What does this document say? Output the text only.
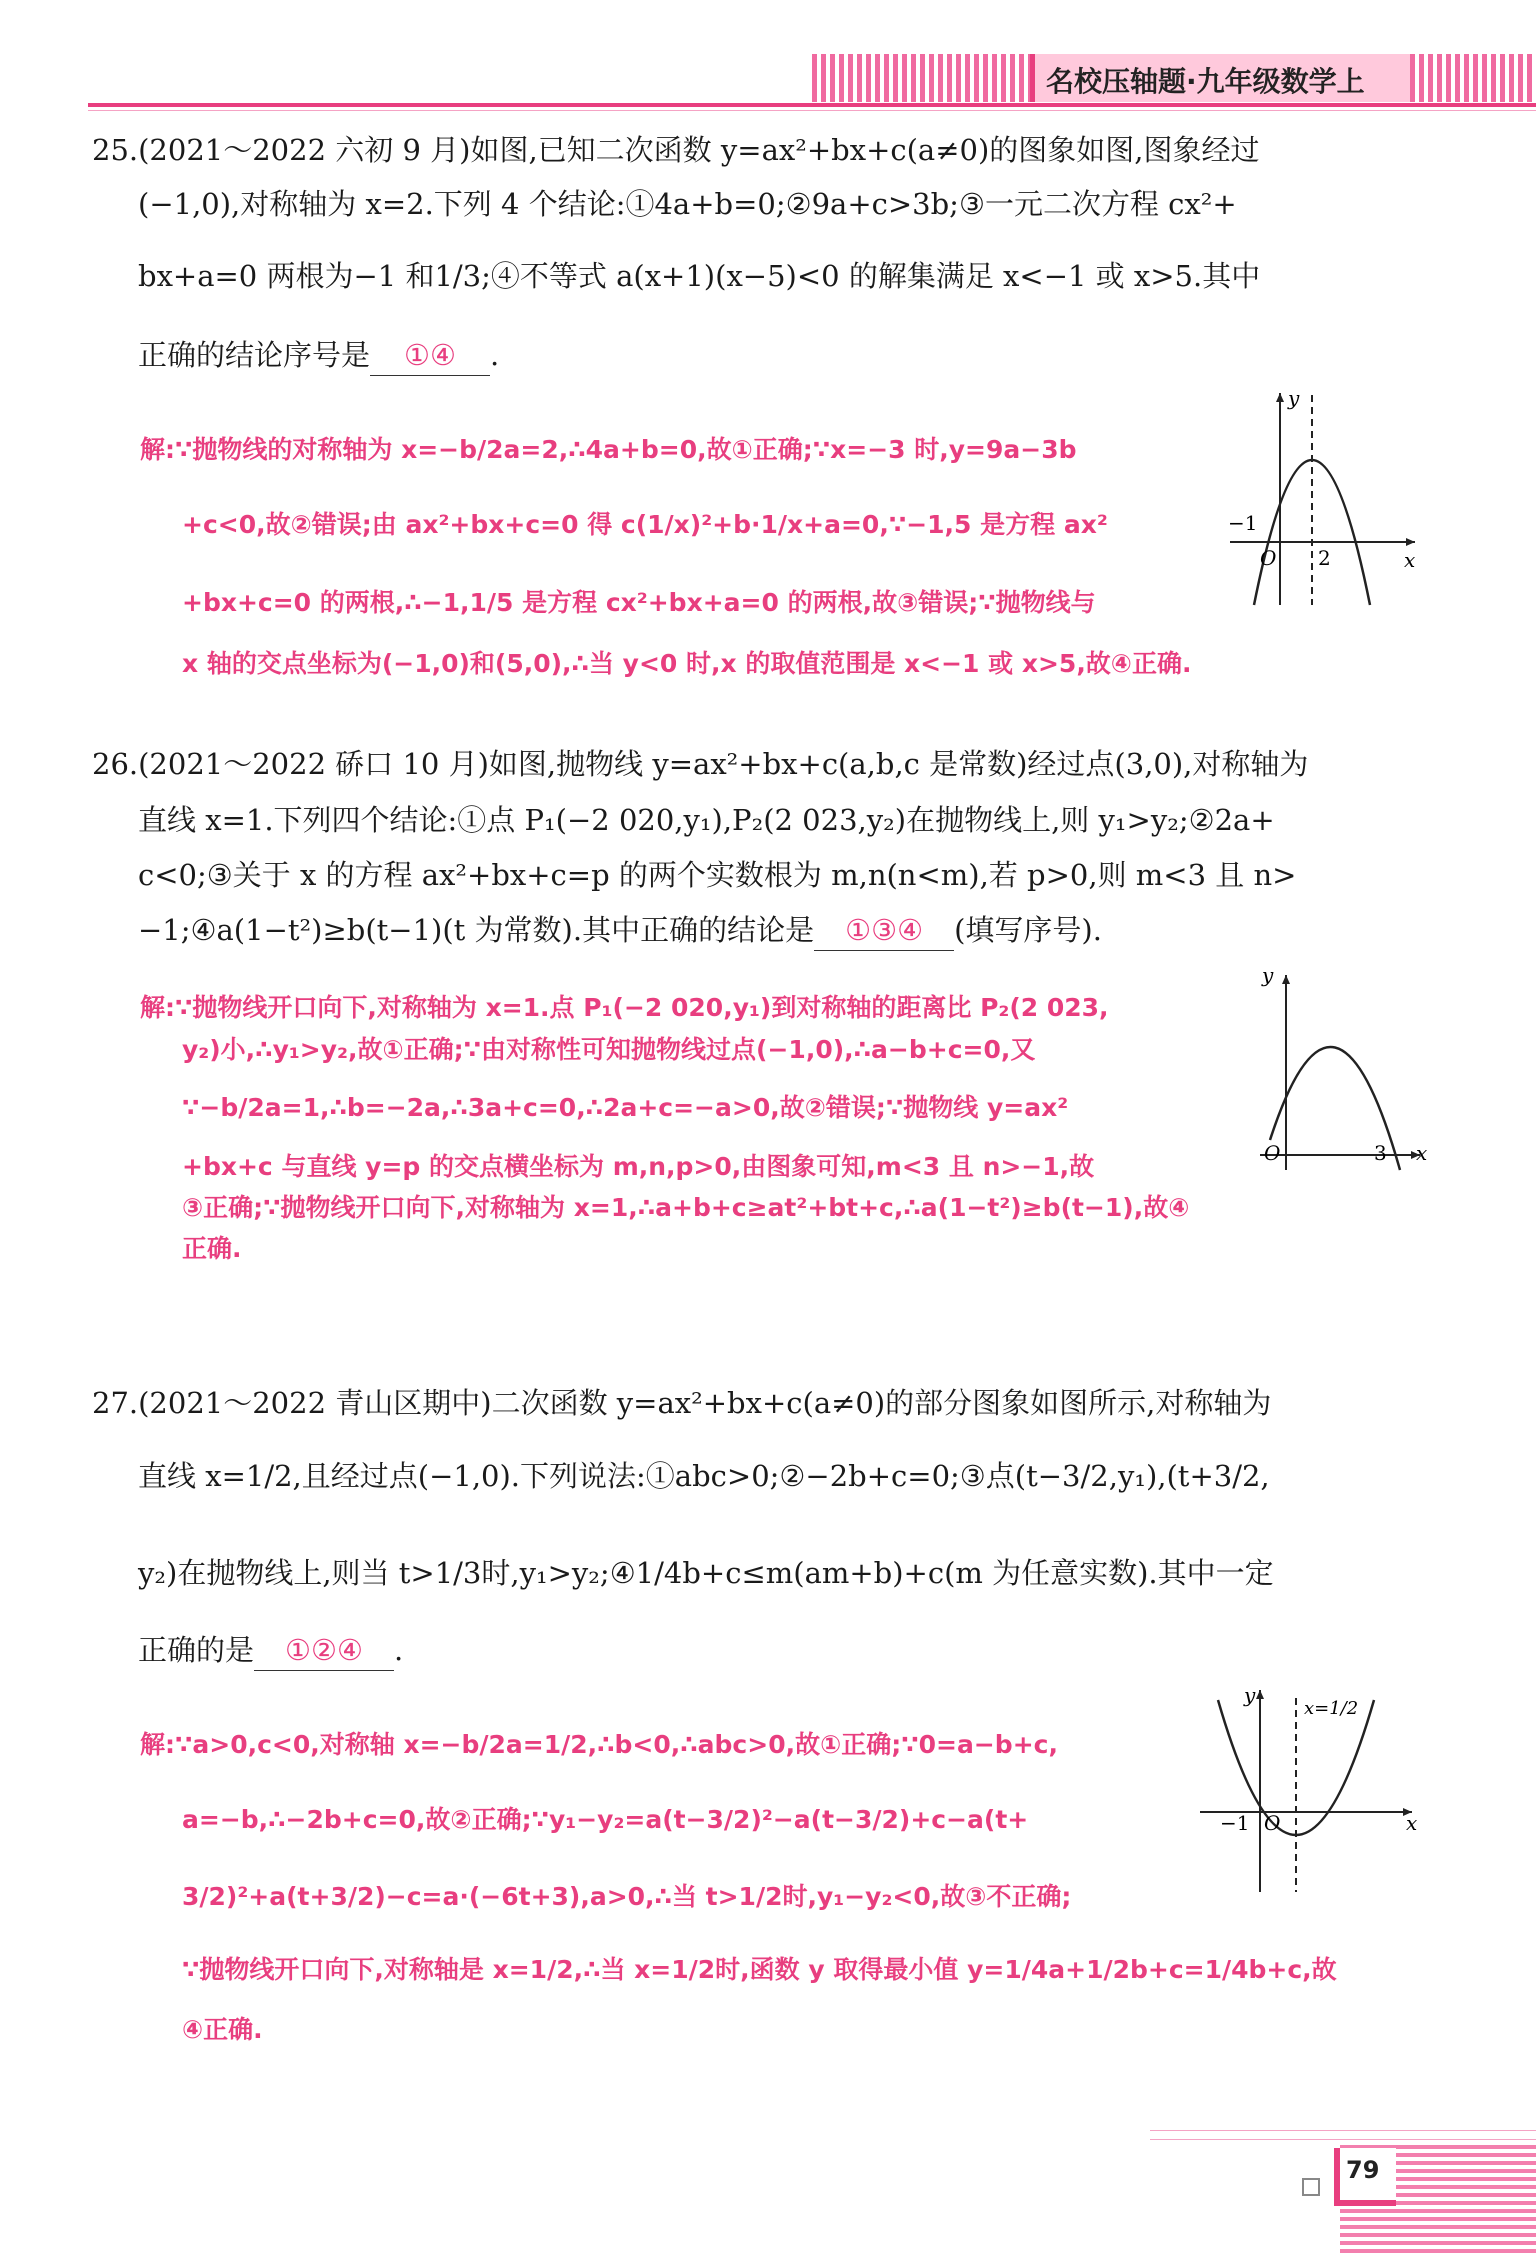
名校压轴题·九年级数学上
25.(2021～2022 六初 9 月)如图,已知二次函数 y=ax²+bx+c(a≠0)的图象如图,图象经过
(−1,0),对称轴为 x=2.下列 4 个结论:①4a+b=0;②9a+c>3b;③一元二次方程 cx²+
bx+a=0 两根为−1 和1/3;④不等式 a(x+1)(x−5)<0 的解集满足 x<−1 或 x>5.其中
正确的结论序号是 ①④ .
解:∵抛物线的对称轴为 x=−b/2a=2,∴4a+b=0,故①正确;∵x=−3 时,y=9a−3b
+c<0,故②错误;由 ax²+bx+c=0 得 c(1/x)²+b·1/x+a=0,∵−1,5 是方程 ax²
+bx+c=0 的两根,∴−1,1/5 是方程 cx²+bx+a=0 的两根,故③错误;∵抛物线与
x 轴的交点坐标为(−1,0)和(5,0),∴当 y<0 时,x 的取值范围是 x<−1 或 x>5,故④正确.
y
x
O
−1
2
26.(2021～2022 硚口 10 月)如图,抛物线 y=ax²+bx+c(a,b,c 是常数)经过点(3,0),对称轴为
直线 x=1.下列四个结论:①点 P₁(−2 020,y₁),P₂(2 023,y₂)在抛物线上,则 y₁>y₂;②2a+
c<0;③关于 x 的方程 ax²+bx+c=p 的两个实数根为 m,n(n<m),若 p>0,则 m<3 且 n>
−1;④a(1−t²)≥b(t−1)(t 为常数).其中正确的结论是 ①③④ (填写序号).
解:∵抛物线开口向下,对称轴为 x=1.点 P₁(−2 020,y₁)到对称轴的距离比 P₂(2 023,
y₂)小,∴y₁>y₂,故①正确;∵由对称性可知抛物线过点(−1,0),∴a−b+c=0,又
∵−b/2a=1,∴b=−2a,∴3a+c=0,∴2a+c=−a>0,故②错误;∵抛物线 y=ax²
+bx+c 与直线 y=p 的交点横坐标为 m,n,p>0,由图象可知,m<3 且 n>−1,故
③正确;∵抛物线开口向下,对称轴为 x=1,∴a+b+c≥at²+bt+c,∴a(1−t²)≥b(t−1),故④
正确.
y
x
O	3
27.(2021～2022 青山区期中)二次函数 y=ax²+bx+c(a≠0)的部分图象如图所示,对称轴为
直线 x=1/2,且经过点(−1,0).下列说法:①abc>0;②−2b+c=0;③点(t−3/2,y₁),(t+3/2,
y₂)在抛物线上,则当 t>1/3时,y₁>y₂;④1/4b+c≤m(am+b)+c(m 为任意实数).其中一定
正确的是 ①②④ .
解:∵a>0,c<0,对称轴 x=−b/2a=1/2,∴b<0,∴abc>0,故①正确;∵0=a−b+c,
a=−b,∴−2b+c=0,故②正确;∵y₁−y₂=a(t−3/2)²−a(t−3/2)+c−a(t+
3/2)²+a(t+3/2)−c=a·(−6t+3),a>0,∴当 t>1/2时,y₁−y₂<0,故③不正确;
∵抛物线开口向下,对称轴是 x=1/2,∴当 x=1/2时,函数 y 取得最小值 y=1/4a+1/2b+c=1/4b+c,故
④正确.
y
x
O
−1
x=1/2
79
